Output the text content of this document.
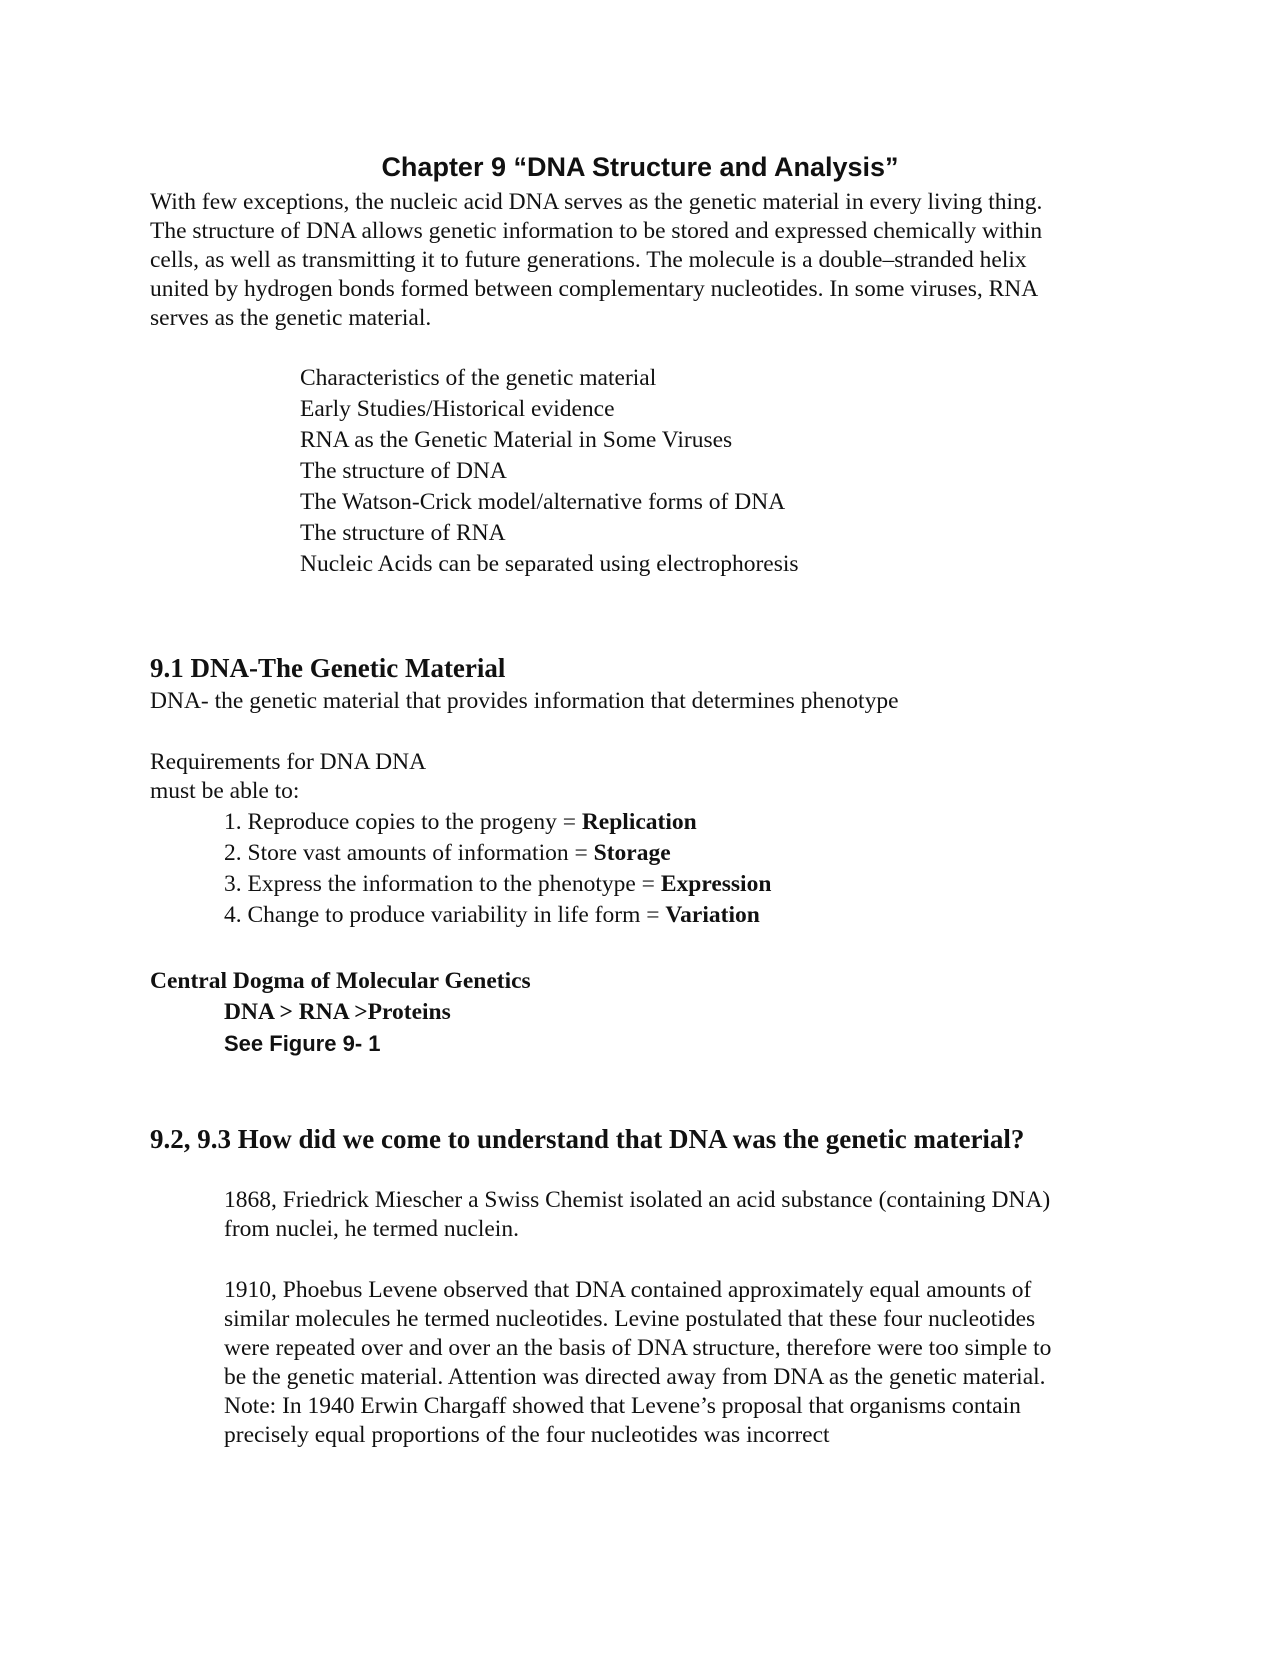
Chapter 9 “DNA Structure and Analysis”
With few exceptions, the nucleic acid DNA serves as the genetic material in every living thing.
The structure of DNA allows genetic information to be stored and expressed chemically within
cells, as well as transmitting it to future generations. The molecule is a double–stranded helix
united by hydrogen bonds formed between complementary nucleotides. In some viruses, RNA
serves as the genetic material.
Characteristics of the genetic material
Early Studies/Historical evidence
RNA as the Genetic Material in Some Viruses
The structure of DNA
The Watson-Crick model/alternative forms of DNA
The structure of RNA
Nucleic Acids can be separated using electrophoresis
9.1 DNA-The Genetic Material
DNA- the genetic material that provides information that determines phenotype
Requirements for DNA DNA
must be able to:
1. Reproduce copies to the progeny = Replication
2. Store vast amounts of information = Storage
3. Express the information to the phenotype = Expression
4. Change to produce variability in life form = Variation
Central Dogma of Molecular Genetics
DNA > RNA >Proteins
See Figure 9- 1
9.2, 9.3 How did we come to understand that DNA was the genetic material?
1868, Friedrick Miescher a Swiss Chemist isolated an acid substance (containing DNA)
from nuclei, he termed nuclein.
1910, Phoebus Levene observed that DNA contained approximately equal amounts of
similar molecules he termed nucleotides. Levine postulated that these four nucleotides
were repeated over and over an the basis of DNA structure, therefore were too simple to
be the genetic material. Attention was directed away from DNA as the genetic material.
Note: In 1940 Erwin Chargaff showed that Levene’s proposal that organisms contain
precisely equal proportions of the four nucleotides was incorrect
